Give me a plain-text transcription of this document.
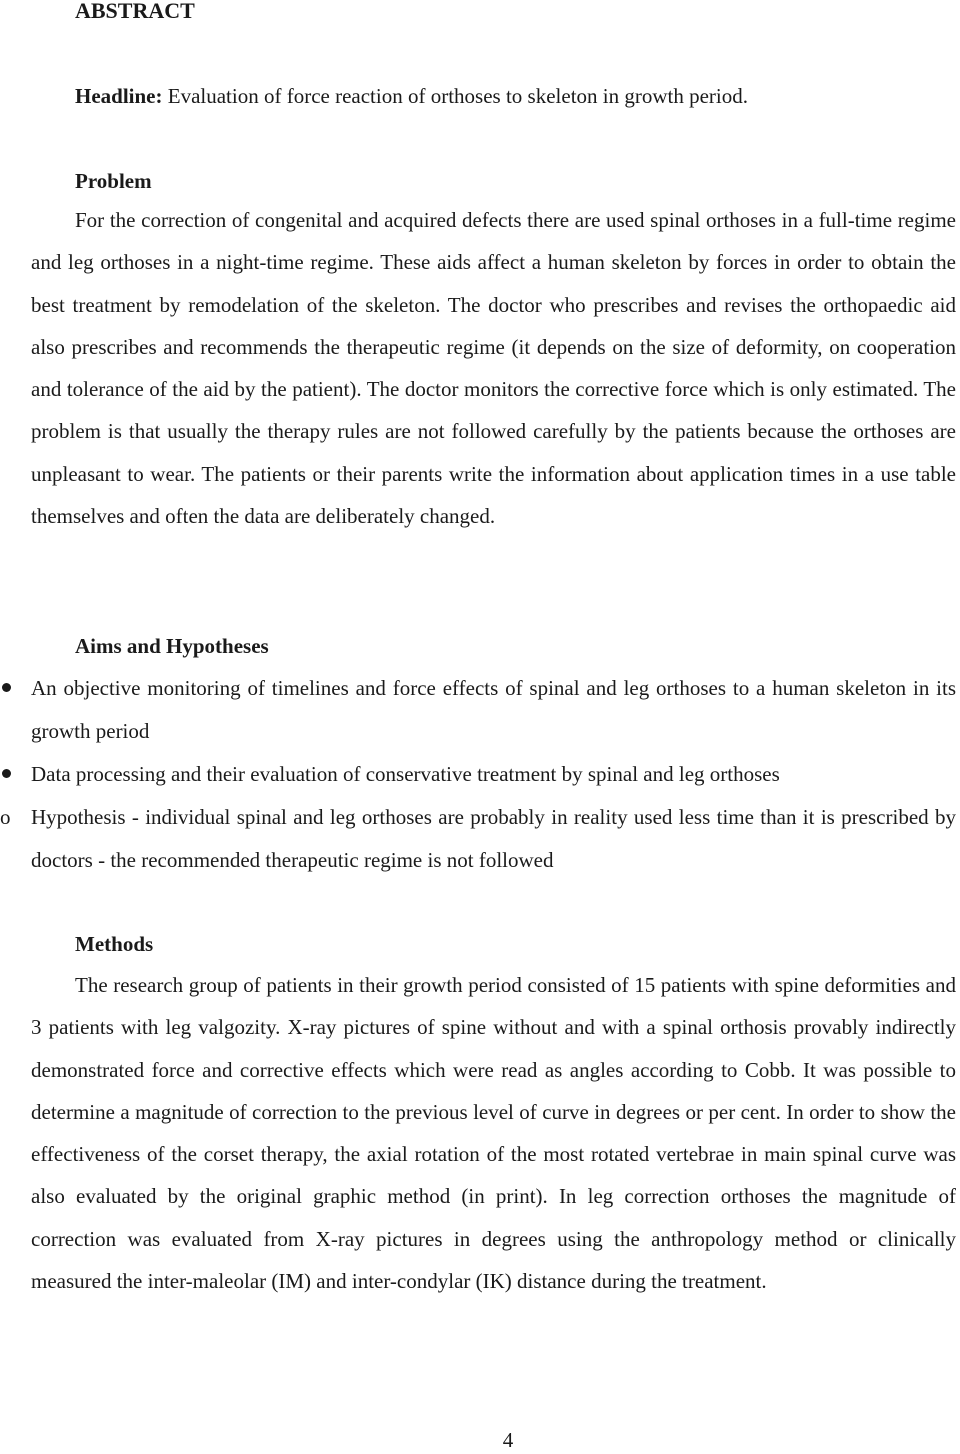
ABSTRACT

Headline: Evaluation of force reaction of orthoses to skeleton in growth period.

Problem

For the correction of congenital and acquired defects there are used spinal orthoses in a full-time regime and leg orthoses in a night-time regime. These aids affect a human skeleton by forces in order to obtain the best treatment by remodelation of the skeleton. The doctor who prescribes and revises the orthopaedic aid also prescribes and recommends the therapeutic regime (it depends on the size of deformity, on cooperation and tolerance of the aid by the patient). The doctor monitors the corrective force which is only estimated. The problem is that usually the therapy rules are not followed carefully by the patients because the orthoses are unpleasant to wear. The patients or their parents write the information about application times in a use table themselves and often the data are deliberately changed.

Aims and Hypotheses
An objective monitoring of timelines and force effects of spinal and leg orthoses to a human skeleton in its growth period
Data processing and their evaluation of conservative treatment by spinal and leg orthoses
o Hypothesis - individual spinal and leg orthoses are probably in reality used less time than it is prescribed by doctors - the recommended therapeutic regime is not followed
Methods

The research group of patients in their growth period consisted of 15 patients with spine deformities and 3 patients with leg valgozity. X-ray pictures of spine without and with a spinal orthosis provably indirectly demonstrated force and corrective effects which were read as angles according to Cobb. It was possible to determine a magnitude of correction to the previous level of curve in degrees or per cent. In order to show the effectiveness of the corset therapy, the axial rotation of the most rotated vertebrae in main spinal curve was also evaluated by the original graphic method (in print). In leg correction orthoses the magnitude of correction was evaluated from X-ray pictures in degrees using the anthropology method or clinically measured the inter-maleolar (IM) and inter-condylar (IK) distance during the treatment.

4
